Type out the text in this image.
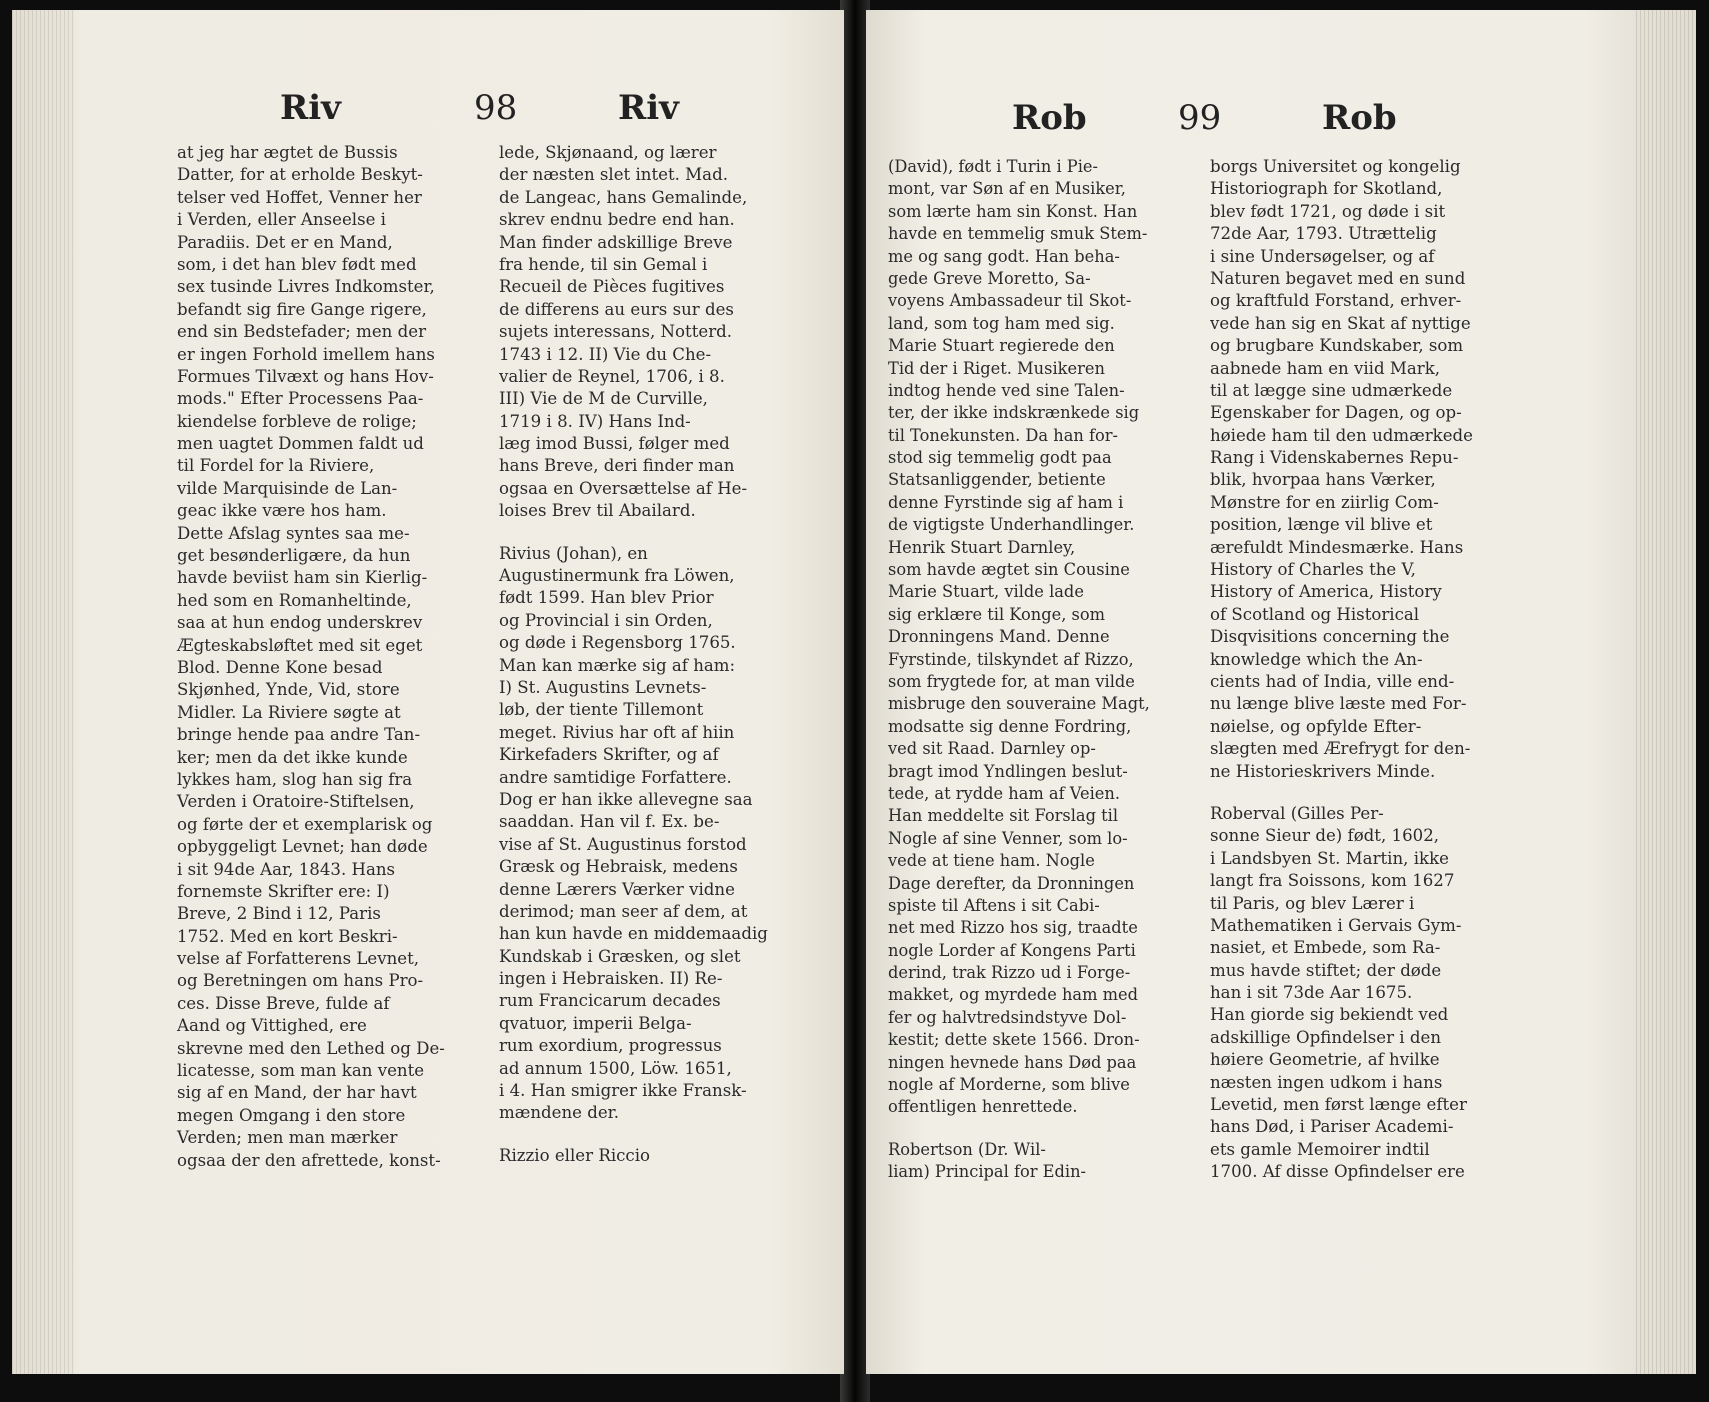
Riv	98	Riv
at jeg har ægtet de Bussis
Datter, for at erholde Beskyt-
telser ved Hoffet, Venner her
i Verden, eller Anseelse i
Paradiis. Det er en Mand,
som, i det han blev født med
sex tusinde Livres Indkomster,
befandt sig fire Gange rigere,
end sin Bedstefader; men der
er ingen Forhold imellem hans
Formues Tilvæxt og hans Hov-
mods." Efter Processens Paa-
kiendelse forbleve de rolige;
men uagtet Dommen faldt ud
til Fordel for la Riviere,
vilde Marquisinde de Lan-
geac ikke være hos ham.
Dette Afslag syntes saa me-
get besønderligære, da hun
havde beviist ham sin Kierlig-
hed som en Romanheltinde,
saa at hun endog underskrev
Ægteskabsløftet med sit eget
Blod. Denne Kone besad
Skjønhed, Ynde, Vid, store
Midler. La Riviere søgte at
bringe hende paa andre Tan-
ker; men da det ikke kunde
lykkes ham, slog han sig fra
Verden i Oratoire-Stiftelsen,
og førte der et exemplarisk og
opbyggeligt Levnet; han døde
i sit 94de Aar, 1843. Hans
fornemste Skrifter ere: I)
Breve, 2 Bind i 12, Paris
1752. Med en kort Beskri-
velse af Forfatterens Levnet,
og Beretningen om hans Pro-
ces. Disse Breve, fulde af
Aand og Vittighed, ere
skrevne med den Lethed og De-
licatesse, som man kan vente
sig af en Mand, der har havt
megen Omgang i den store
Verden; men man mærker
ogsaa der den afrettede, konst-
lede, Skjønaand, og lærer
der næsten slet intet. Mad.
de Langeac, hans Gemalinde,
skrev endnu bedre end han.
Man finder adskillige Breve
fra hende, til sin Gemal i
Recueil de Pièces fugitives
de differens au eurs sur des
sujets interessans, Notterd.
1743 i 12. II) Vie du Che-
valier de Reynel, 1706, i 8.
III) Vie de M de Curville,
1719 i 8. IV) Hans Ind-
læg imod Bussi, følger med
hans Breve, deri finder man
ogsaa en Oversættelse af He-
loises Brev til Abailard.
Rivius (Johan), en
Augustinermunk fra Löwen,
født 1599. Han blev Prior
og Provincial i sin Orden,
og døde i Regensborg 1765.
Man kan mærke sig af ham:
I) St. Augustins Levnets-
løb, der tiente Tillemont
meget. Rivius har oft af hiin
Kirkefaders Skrifter, og af
andre samtidige Forfattere.
Dog er han ikke allevegne saa
saaddan. Han vil f. Ex. be-
vise af St. Augustinus forstod
Græsk og Hebraisk, medens
denne Lærers Værker vidne
derimod; man seer af dem, at
han kun havde en middemaadig
Kundskab i Græsken, og slet
ingen i Hebraisken. II) Re-
rum Francicarum decades
qvatuor, imperii Belga-
rum exordium, progressus
ad annum 1500, Löw. 1651,
i 4. Han smigrer ikke Fransk-
mændene der.
Rizzio eller Riccio
Rob	99	Rob
(David), født i Turin i Pie-
mont, var Søn af en Musiker,
som lærte ham sin Konst. Han
havde en temmelig smuk Stem-
me og sang godt. Han beha-
gede Greve Moretto, Sa-
voyens Ambassadeur til Skot-
land, som tog ham med sig.
Marie Stuart regierede den
Tid der i Riget. Musikeren
indtog hende ved sine Talen-
ter, der ikke indskrænkede sig
til Tonekunsten. Da han for-
stod sig temmelig godt paa
Statsanliggender, betiente
denne Fyrstinde sig af ham i
de vigtigste Underhandlinger.
Henrik Stuart Darnley,
som havde ægtet sin Cousine
Marie Stuart, vilde lade
sig erklære til Konge, som
Dronningens Mand. Denne
Fyrstinde, tilskyndet af Rizzo,
som frygtede for, at man vilde
misbruge den souveraine Magt,
modsatte sig denne Fordring,
ved sit Raad. Darnley op-
bragt imod Yndlingen beslut-
tede, at rydde ham af Veien.
Han meddelte sit Forslag til
Nogle af sine Venner, som lo-
vede at tiene ham. Nogle
Dage derefter, da Dronningen
spiste til Aftens i sit Cabi-
net med Rizzo hos sig, traadte
nogle Lorder af Kongens Parti
derind, trak Rizzo ud i Forge-
makket, og myrdede ham med
fer og halvtredsindstyve Dol-
kestit; dette skete 1566. Dron-
ningen hevnede hans Død paa
nogle af Morderne, som blive
offentligen henrettede.
Robertson (Dr. Wil-
liam) Principal for Edin-
borgs Universitet og kongelig
Historiograph for Skotland,
blev født 1721, og døde i sit
72de Aar, 1793. Utrættelig
i sine Undersøgelser, og af
Naturen begavet med en sund
og kraftfuld Forstand, erhver-
vede han sig en Skat af nyttige
og brugbare Kundskaber, som
aabnede ham en viid Mark,
til at lægge sine udmærkede
Egenskaber for Dagen, og op-
høiede ham til den udmærkede
Rang i Videnskabernes Repu-
blik, hvorpaa hans Værker,
Mønstre for en ziirlig Com-
position, længe vil blive et
ærefuldt Mindesmærke. Hans
History of Charles the V,
History of America, History
of Scotland og Historical
Disqvisitions concerning the
knowledge which the An-
cients had of India, ville end-
nu længe blive læste med For-
nøielse, og opfylde Efter-
slægten med Ærefrygt for den-
ne Historieskrivers Minde.
Roberval (Gilles Per-
sonne Sieur de) født, 1602,
i Landsbyen St. Martin, ikke
langt fra Soissons, kom 1627
til Paris, og blev Lærer i
Mathematiken i Gervais Gym-
nasiet, et Embede, som Ra-
mus havde stiftet; der døde
han i sit 73de Aar 1675.
Han giorde sig bekiendt ved
adskillige Opfindelser i den
høiere Geometrie, af hvilke
næsten ingen udkom i hans
Levetid, men først længe efter
hans Død, i Pariser Academi-
ets gamle Memoirer indtil
1700. Af disse Opfindelser ere
